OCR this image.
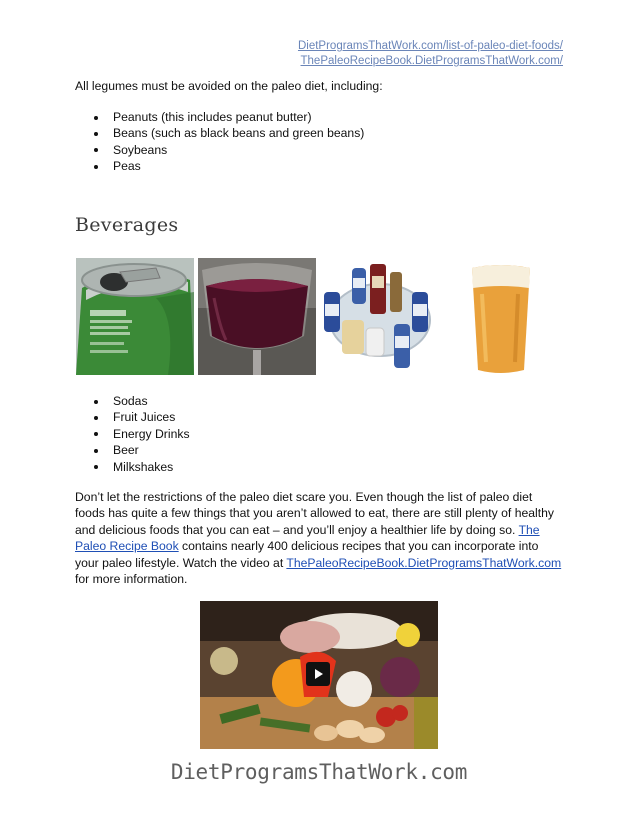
DietProgramsThatWork.com/list-of-paleo-diet-foods/
ThePaleoRecipeBook.DietProgramsThatWork.com/
All legumes must be avoided on the paleo diet, including:
Peanuts (this includes peanut butter)
Beans (such as black beans and green beans)
Soybeans
Peas
Beverages
Sodas
Fruit Juices
Energy Drinks
Beer
Milkshakes
Don’t let the restrictions of the paleo diet scare you. Even though the list of paleo diet foods has quite a few things that you aren’t allowed to eat, there are still plenty of healthy and delicious foods that you can eat – and you’ll enjoy a healthier life by doing so. The Paleo Recipe Book contains nearly 400 delicious recipes that you can incorporate into your paleo lifestyle. Watch the video at ThePaleoRecipeBook.DietProgramsThatWork.com for more information.
DietProgramsThatWork.com
